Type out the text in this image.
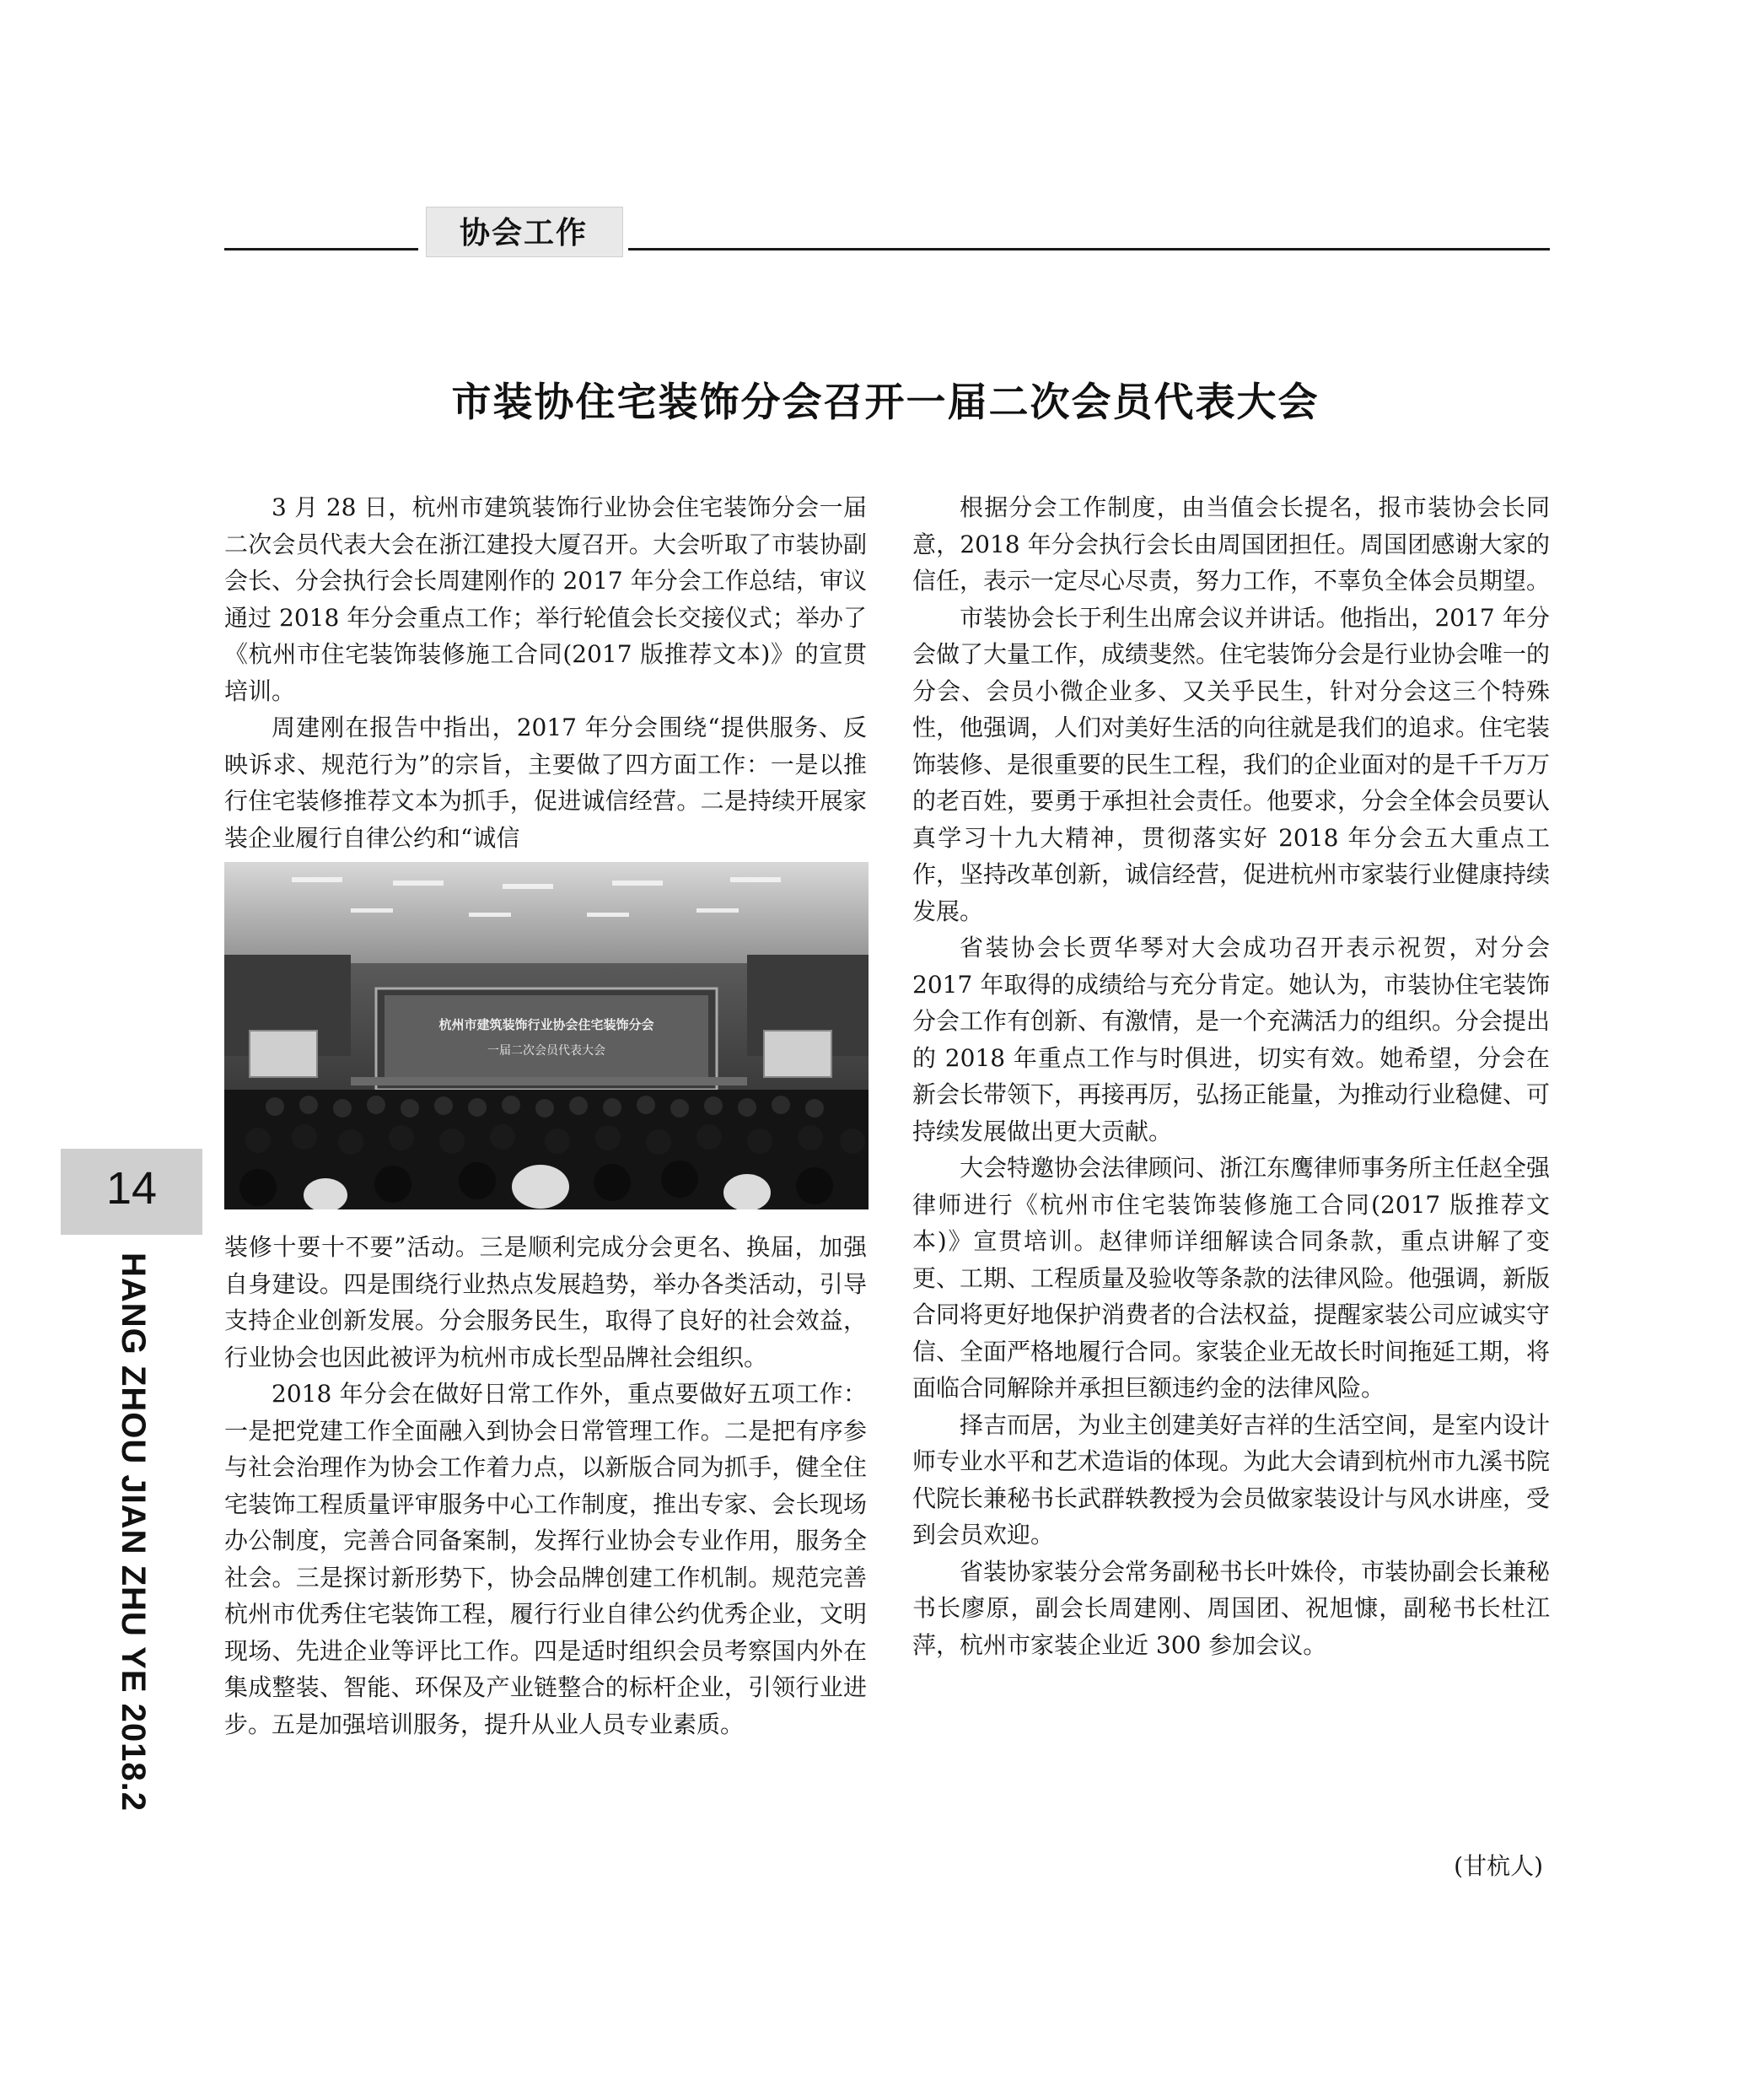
协会工作
市装协住宅装饰分会召开一届二次会员代表大会

3 月 28 日，杭州市建筑装饰行业协会住宅装饰分会一届二次会员代表大会在浙江建投大厦召开。大会听取了市装协副会长、分会执行会长周建刚作的 2017 年分会工作总结，审议通过 2018 年分会重点工作；举行轮值会长交接仪式；举办了《杭州市住宅装饰装修施工合同(2017 版推荐文本)》的宣贯培训。

周建刚在报告中指出，2017 年分会围绕“提供服务、反映诉求、规范行为”的宗旨，主要做了四方面工作：一是以推行住宅装修推荐文本为抓手，促进诚信经营。二是持续开展家装企业履行自律公约和“诚信

杭州市建筑装饰行业协会住宅装饰分会
一届二次会员代表大会

装修十要十不要”活动。三是顺利完成分会更名、换届，加强自身建设。四是围绕行业热点发展趋势，举办各类活动，引导支持企业创新发展。分会服务民生，取得了良好的社会效益，行业协会也因此被评为杭州市成长型品牌社会组织。

2018 年分会在做好日常工作外，重点要做好五项工作：一是把党建工作全面融入到协会日常管理工作。二是把有序参与社会治理作为协会工作着力点，以新版合同为抓手，健全住宅装饰工程质量评审服务中心工作制度，推出专家、会长现场办公制度，完善合同备案制，发挥行业协会专业作用，服务全社会。三是探讨新形势下，协会品牌创建工作机制。规范完善杭州市优秀住宅装饰工程，履行行业自律公约优秀企业，文明现场、先进企业等评比工作。四是适时组织会员考察国内外在集成整装、智能、环保及产业链整合的标杆企业，引领行业进步。五是加强培训服务，提升从业人员专业素质。

根据分会工作制度，由当值会长提名，报市装协会长同意，2018 年分会执行会长由周国团担任。周国团感谢大家的信任，表示一定尽心尽责，努力工作，不辜负全体会员期望。

市装协会长于利生出席会议并讲话。他指出，2017 年分会做了大量工作，成绩斐然。住宅装饰分会是行业协会唯一的分会、会员小微企业多、又关乎民生，针对分会这三个特殊性，他强调，人们对美好生活的向往就是我们的追求。住宅装饰装修、是很重要的民生工程，我们的企业面对的是千千万万的老百姓，要勇于承担社会责任。他要求，分会全体会员要认真学习十九大精神，贯彻落实好 2018 年分会五大重点工作，坚持改革创新，诚信经营，促进杭州市家装行业健康持续发展。

省装协会长贾华琴对大会成功召开表示祝贺，对分会 2017 年取得的成绩给与充分肯定。她认为，市装协住宅装饰分会工作有创新、有激情，是一个充满活力的组织。分会提出的 2018 年重点工作与时俱进，切实有效。她希望，分会在新会长带领下，再接再厉，弘扬正能量，为推动行业稳健、可持续发展做出更大贡献。

大会特邀协会法律顾问、浙江东鹰律师事务所主任赵全强律师进行《杭州市住宅装饰装修施工合同(2017 版推荐文本)》宣贯培训。赵律师详细解读合同条款，重点讲解了变更、工期、工程质量及验收等条款的法律风险。他强调，新版合同将更好地保护消费者的合法权益，提醒家装公司应诚实守信、全面严格地履行合同。家装企业无故长时间拖延工期，将面临合同解除并承担巨额违约金的法律风险。

择吉而居，为业主创建美好吉祥的生活空间，是室内设计师专业水平和艺术造诣的体现。为此大会请到杭州市九溪书院代院长兼秘书长武群轶教授为会员做家装设计与风水讲座，受到会员欢迎。

省装协家装分会常务副秘书长叶姝伶，市装协副会长兼秘书长廖原，副会长周建刚、周国团、祝旭慷，副秘书长杜江萍，杭州市家装企业近 300 参加会议。

(甘杭人)
14
HANG ZHOU JIAN ZHU YE 2018.2
